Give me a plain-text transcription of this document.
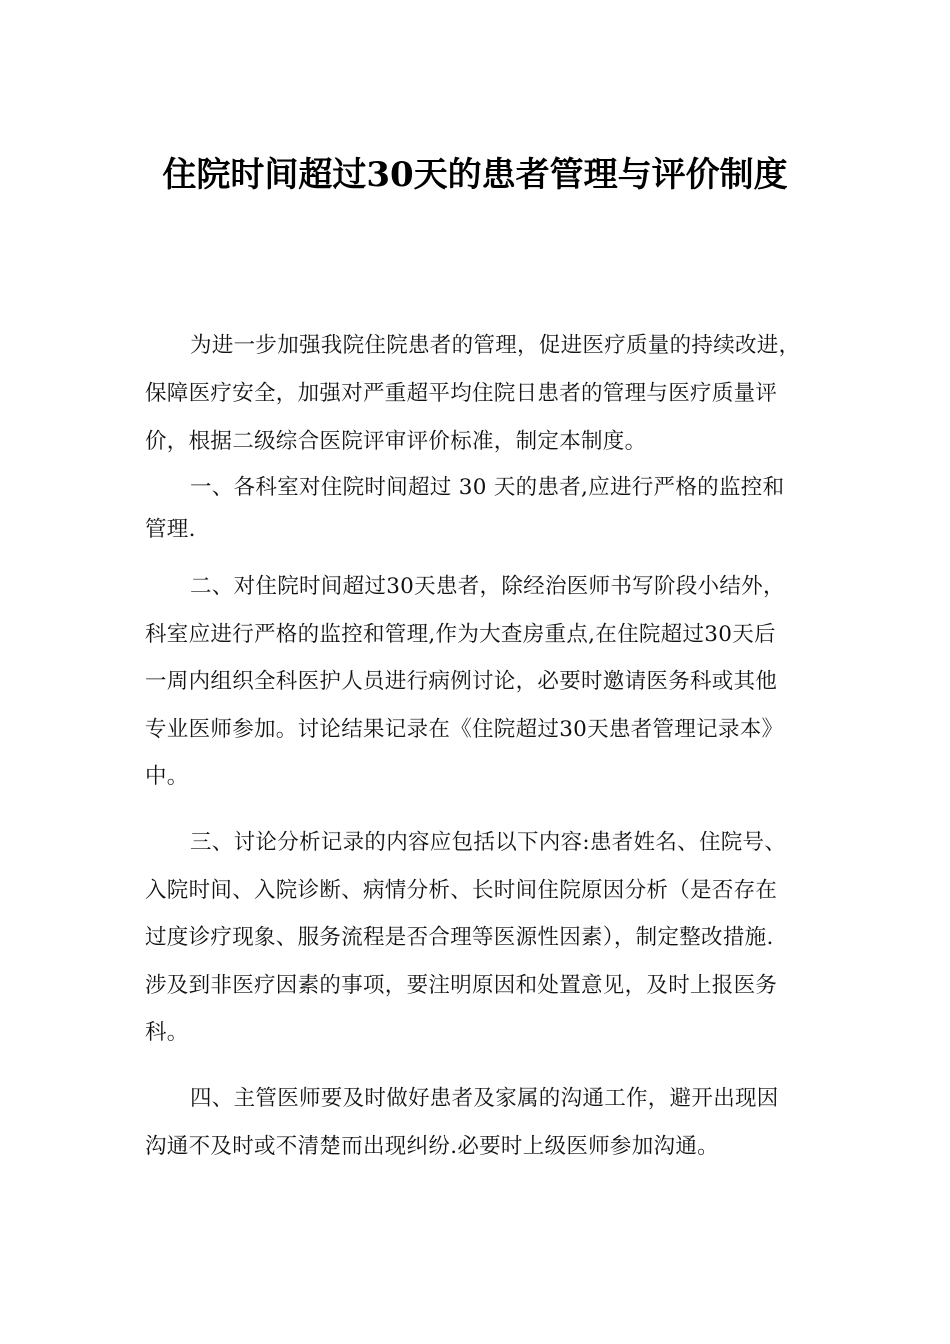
住院时间超过30天的患者管理与评价制度

为进一步加强我院住院患者的管理，促进医疗质量的持续改进，

保障医疗安全，加强对严重超平均住院日患者的管理与医疗质量评

价，根据二级综合医院评审评价标准，制定本制度。

一、各科室对住院时间超过 30 天的患者,应进行严格的监控和

管理.

二、对住院时间超过30天患者，除经治医师书写阶段小结外，

科室应进行严格的监控和管理,作为大查房重点,在住院超过30天后

一周内组织全科医护人员进行病例讨论，必要时邀请医务科或其他

专业医师参加。讨论结果记录在《住院超过30天患者管理记录本》

中。

三、讨论分析记录的内容应包括以下内容:患者姓名、住院号、

入院时间、入院诊断、病情分析、长时间住院原因分析（是否存在

过度诊疗现象、服务流程是否合理等医源性因素），制定整改措施.

涉及到非医疗因素的事项，要注明原因和处置意见，及时上报医务

科。

四、主管医师要及时做好患者及家属的沟通工作，避开出现因

沟通不及时或不清楚而出现纠纷.必要时上级医师参加沟通。
